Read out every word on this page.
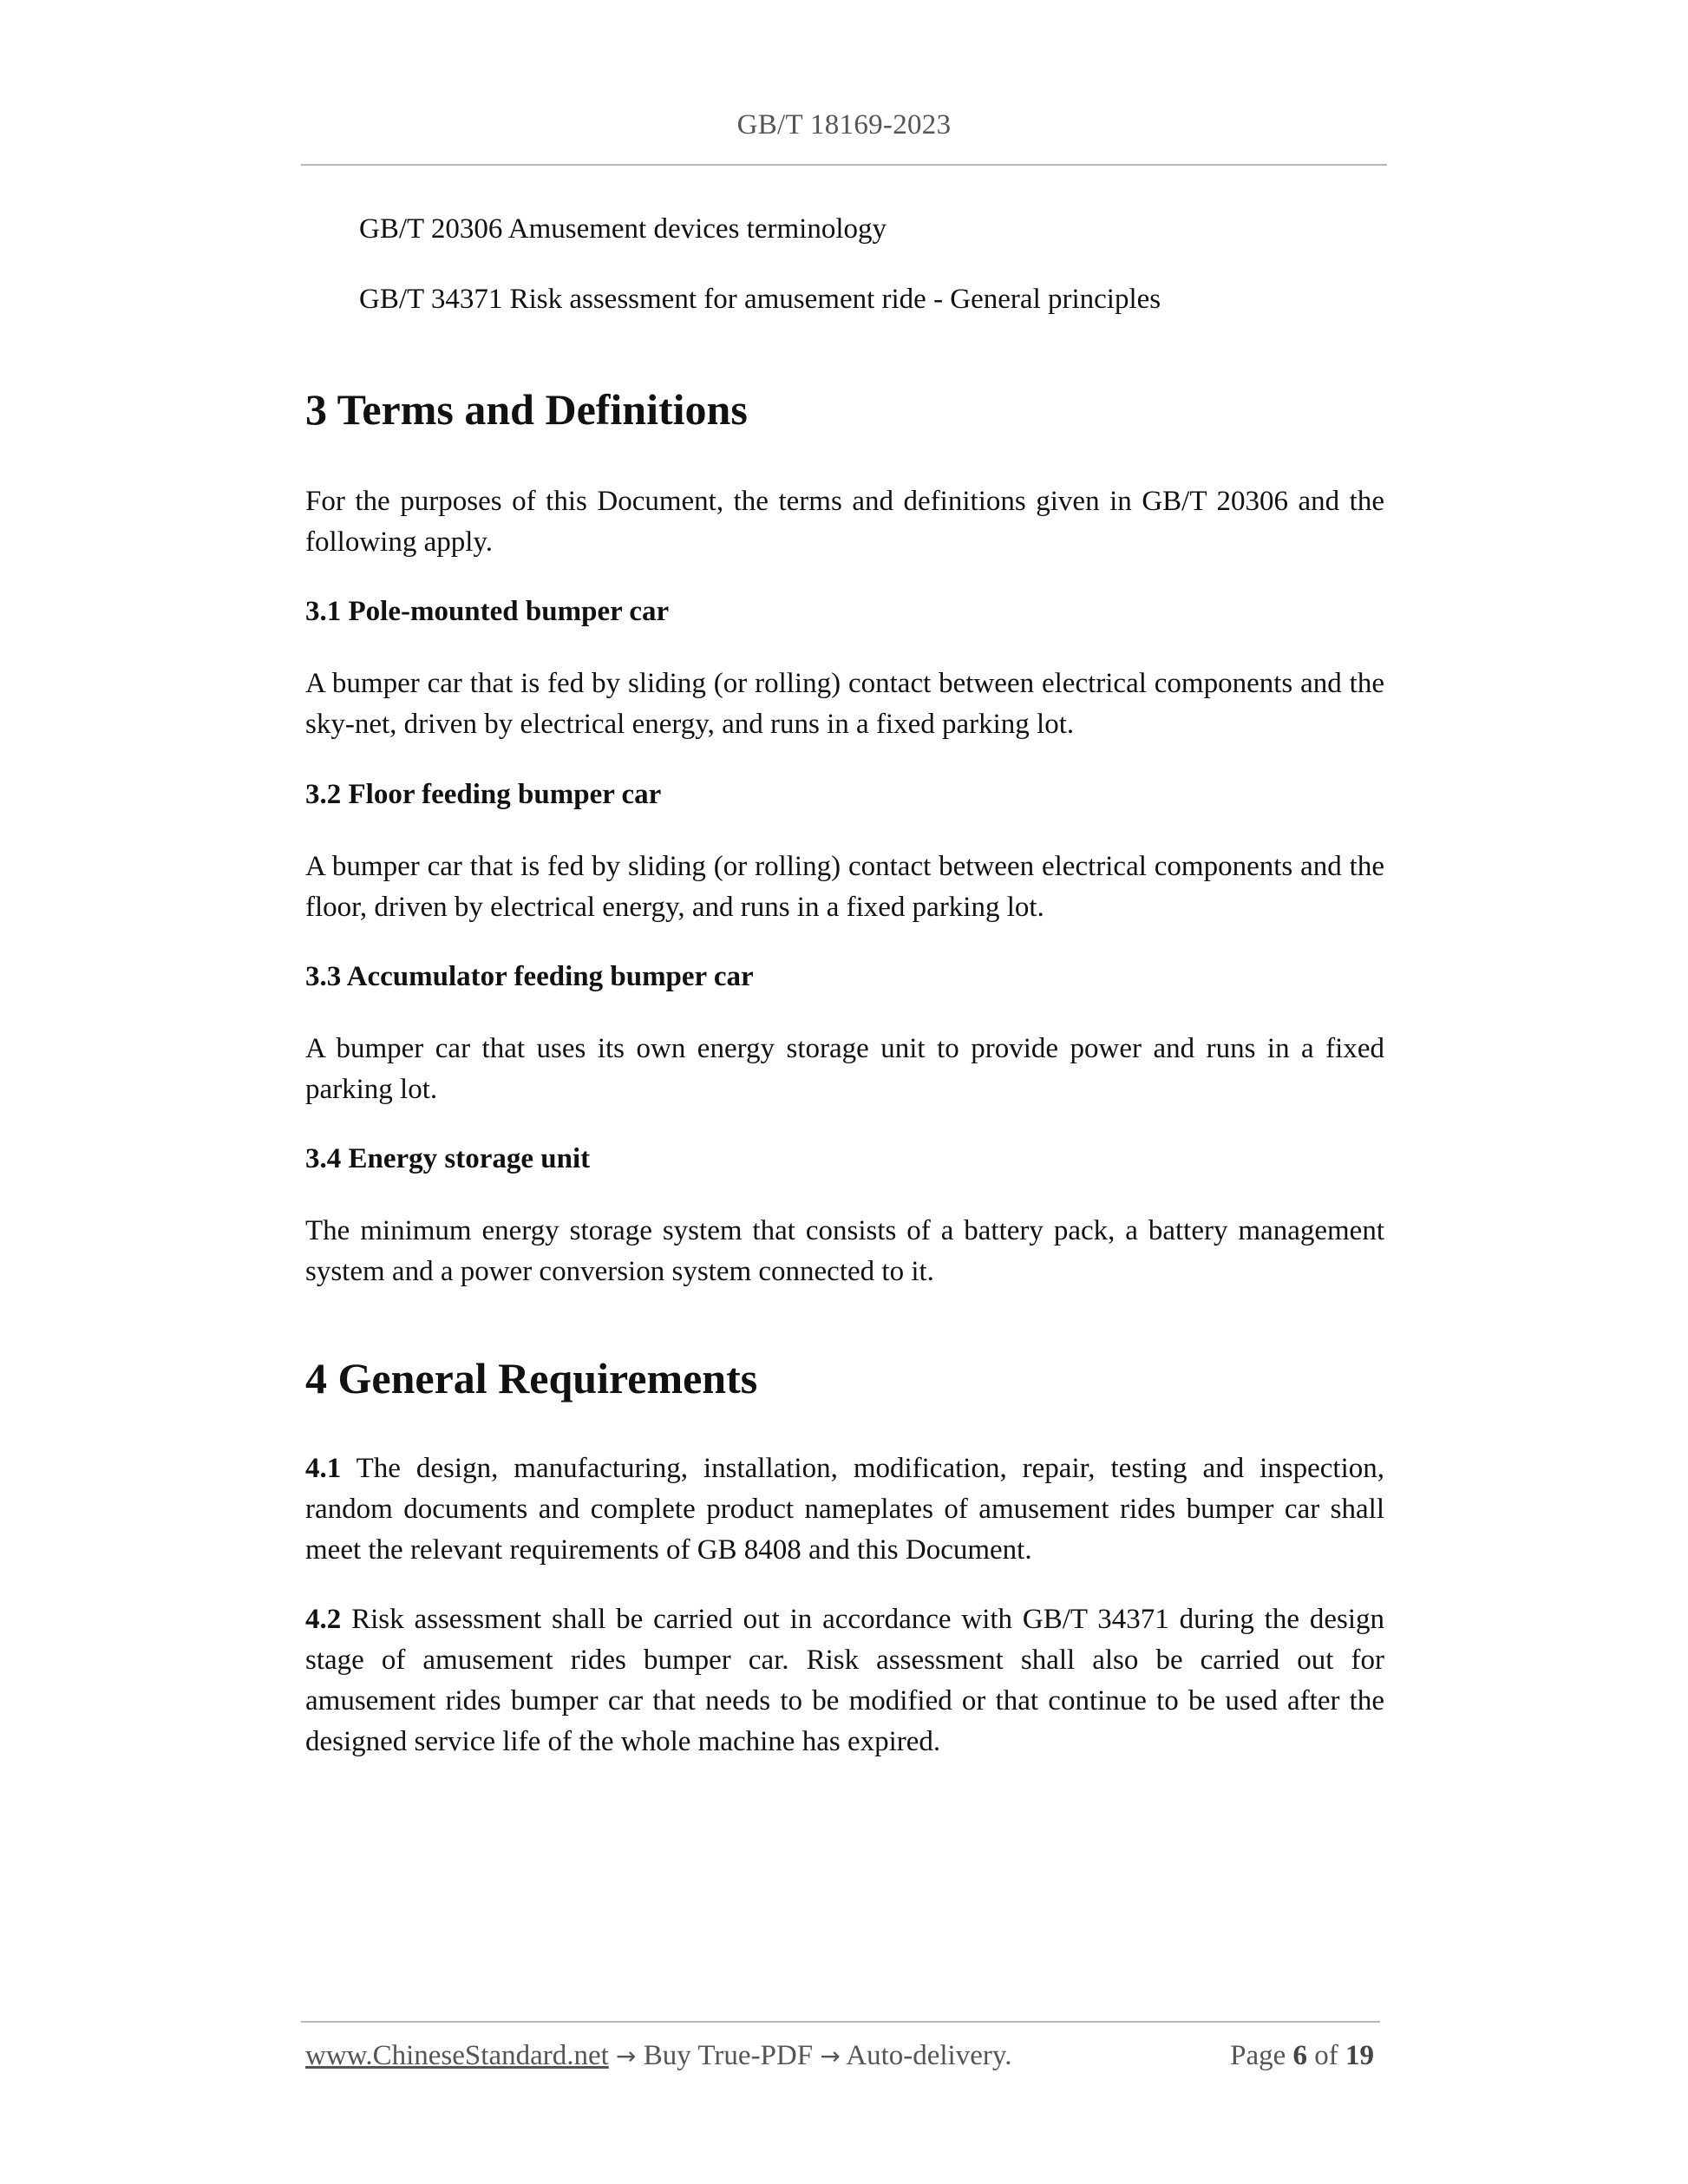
GB/T 18169-2023
GB/T 20306 Amusement devices terminology
GB/T 34371 Risk assessment for amusement ride - General principles
3 Terms and Definitions
For the purposes of this Document, the terms and definitions given in GB/T 20306 and the following apply.
3.1 Pole-mounted bumper car
A bumper car that is fed by sliding (or rolling) contact between electrical components and the sky-net, driven by electrical energy, and runs in a fixed parking lot.
3.2 Floor feeding bumper car
A bumper car that is fed by sliding (or rolling) contact between electrical components and the floor, driven by electrical energy, and runs in a fixed parking lot.
3.3 Accumulator feeding bumper car
A bumper car that uses its own energy storage unit to provide power and runs in a fixed parking lot.
3.4 Energy storage unit
The minimum energy storage system that consists of a battery pack, a battery management system and a power conversion system connected to it.
4 General Requirements
4.1 The design, manufacturing, installation, modification, repair, testing and inspection, random documents and complete product nameplates of amusement rides bumper car shall meet the relevant requirements of GB 8408 and this Document.
4.2 Risk assessment shall be carried out in accordance with GB/T 34371 during the design stage of amusement rides bumper car. Risk assessment shall also be carried out for amusement rides bumper car that needs to be modified or that continue to be used after the designed service life of the whole machine has expired.
www.ChineseStandard.net → Buy True-PDF → Auto-delivery.	Page 6 of 19
